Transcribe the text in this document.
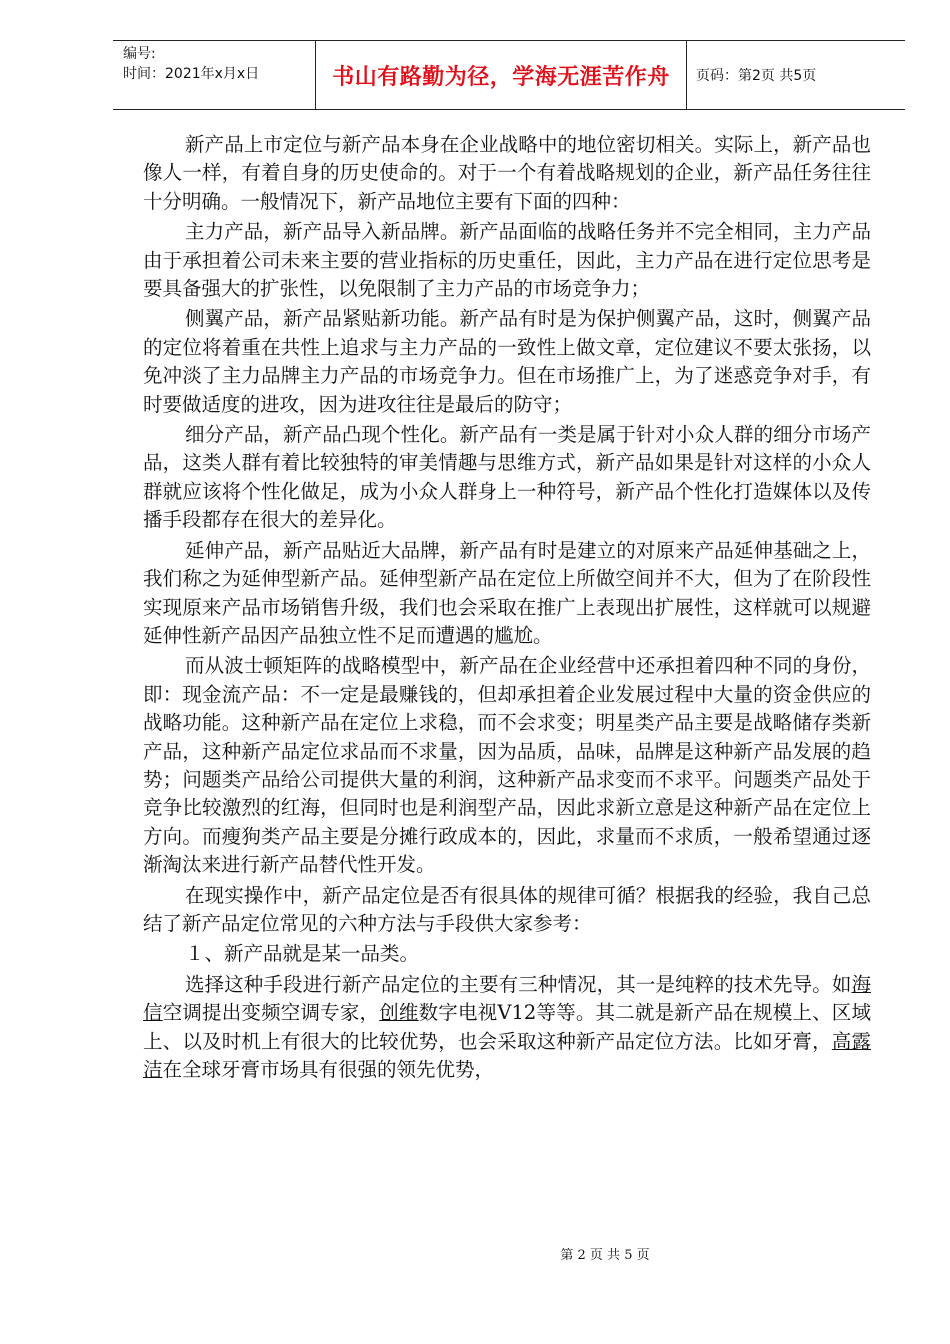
编号:
时间：2021年x月x日	书山有路勤为径，学海无涯苦作舟	页码：第2页 共5页

新产品上市定位与新产品本身在企业战略中的地位密切相关。实际上，新产品也像人一样，有着自身的历史使命的。对于一个有着战略规划的企业，新产品任务往往十分明确。一般情况下，新产品地位主要有下面的四种：

主力产品，新产品导入新品牌。新产品面临的战略任务并不完全相同，主力产品由于承担着公司未来主要的营业指标的历史重任，因此，主力产品在进行定位思考是要具备强大的扩张性，以免限制了主力产品的市场竞争力；

侧翼产品，新产品紧贴新功能。新产品有时是为保护侧翼产品，这时，侧翼产品的定位将着重在共性上追求与主力产品的一致性上做文章，定位建议不要太张扬，以免冲淡了主力品牌主力产品的市场竞争力。但在市场推广上，为了迷惑竞争对手，有时要做适度的进攻，因为进攻往往是最后的防守；

细分产品，新产品凸现个性化。新产品有一类是属于针对小众人群的细分市场产品，这类人群有着比较独特的审美情趣与思维方式，新产品如果是针对这样的小众人群就应该将个性化做足，成为小众人群身上一种符号，新产品个性化打造媒体以及传播手段都存在很大的差异化。

延伸产品，新产品贴近大品牌，新产品有时是建立的对原来产品延伸基础之上，我们称之为延伸型新产品。延伸型新产品在定位上所做空间并不大，但为了在阶段性实现原来产品市场销售升级，我们也会采取在推广上表现出扩展性，这样就可以规避延伸性新产品因产品独立性不足而遭遇的尴尬。

而从波士顿矩阵的战略模型中，新产品在企业经营中还承担着四种不同的身份，即：现金流产品：不一定是最赚钱的，但却承担着企业发展过程中大量的资金供应的战略功能。这种新产品在定位上求稳，而不会求变；明星类产品主要是战略储存类新产品，这种新产品定位求品而不求量，因为品质，品味，品牌是这种新产品发展的趋势；问题类产品给公司提供大量的利润，这种新产品求变而不求平。问题类产品处于竞争比较激烈的红海，但同时也是利润型产品，因此求新立意是这种新产品在定位上方向。而瘦狗类产品主要是分摊行政成本的，因此，求量而不求质，一般希望通过逐渐淘汰来进行新产品替代性开发。

在现实操作中，新产品定位是否有很具体的规律可循？根据我的经验，我自己总结了新产品定位常见的六种方法与手段供大家参考：

１、新产品就是某一品类。

选择这种手段进行新产品定位的主要有三种情况，其一是纯粹的技术先导。如海信空调提出变频空调专家，创维数字电视V12等等。其二就是新产品在规模上、区域上、以及时机上有很大的比较优势，也会采取这种新产品定位方法。比如牙膏，高露洁在全球牙膏市场具有很强的领先优势，

第 2 页 共 5 页
